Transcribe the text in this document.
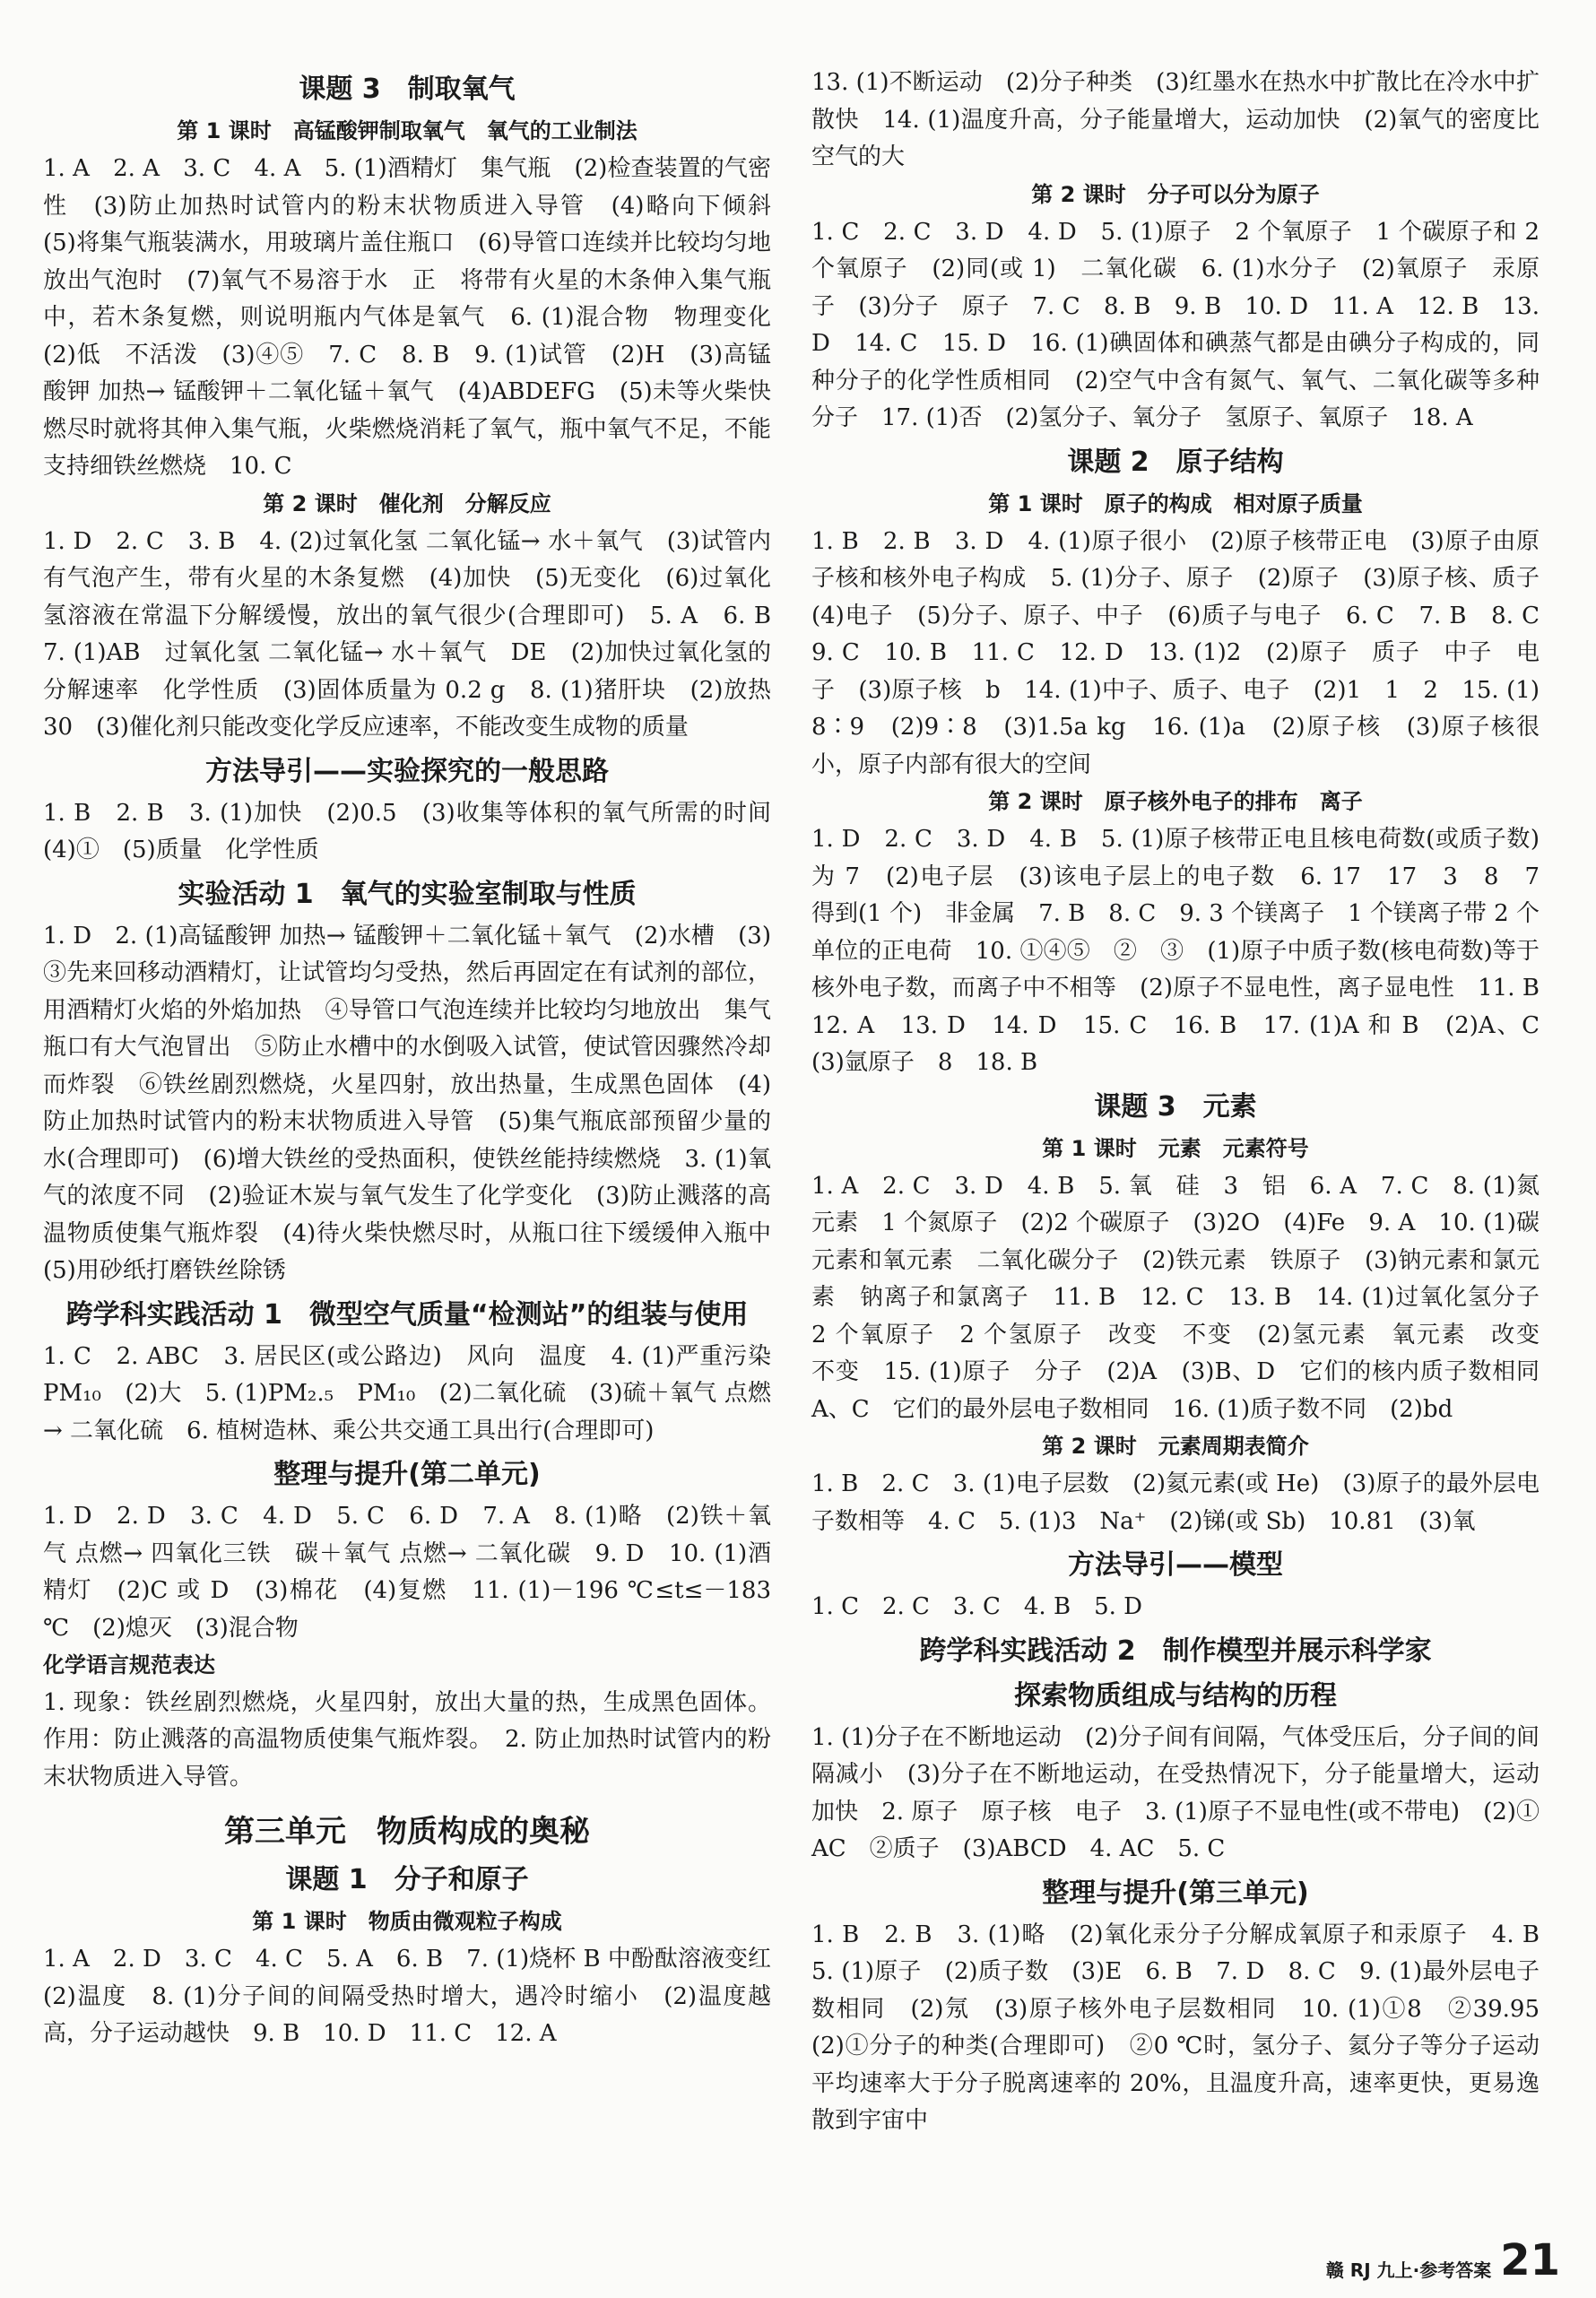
课题 3　制取氧气
第 1 课时　高锰酸钾制取氧气　氧气的工业制法
1. A　2. A　3. C　4. A　5. (1)酒精灯　集气瓶　(2)检查装置的气密性　(3)防止加热时试管内的粉末状物质进入导管　(4)略向下倾斜　(5)将集气瓶装满水，用玻璃片盖住瓶口　(6)导管口连续并比较均匀地放出气泡时　(7)氧气不易溶于水　正　将带有火星的木条伸入集气瓶中，若木条复燃，则说明瓶内气体是氧气　6. (1)混合物　物理变化　(2)低　不活泼　(3)④⑤　7. C　8. B　9. (1)试管　(2)H　(3)高锰酸钾 加热→ 锰酸钾＋二氧化锰＋氧气　(4)ABDEFG　(5)未等火柴快燃尽时就将其伸入集气瓶，火柴燃烧消耗了氧气，瓶中氧气不足，不能支持细铁丝燃烧　10. C
第 2 课时　催化剂　分解反应
1. D　2. C　3. B　4. (2)过氧化氢 二氧化锰→ 水＋氧气　(3)试管内有气泡产生，带有火星的木条复燃　(4)加快　(5)无变化　(6)过氧化氢溶液在常温下分解缓慢，放出的氧气很少(合理即可)　5. A　6. B　7. (1)AB　过氧化氢 二氧化锰→ 水＋氧气　DE　(2)加快过氧化氢的分解速率　化学性质　(3)固体质量为 0.2 g　8. (1)猪肝块　(2)放热　30　(3)催化剂只能改变化学反应速率，不能改变生成物的质量
方法导引——实验探究的一般思路
1. B　2. B　3. (1)加快　(2)0.5　(3)收集等体积的氧气所需的时间　(4)①　(5)质量　化学性质
实验活动 1　氧气的实验室制取与性质
1. D　2. (1)高锰酸钾 加热→ 锰酸钾＋二氧化锰＋氧气　(2)水槽　(3)③先来回移动酒精灯，让试管均匀受热，然后再固定在有试剂的部位，用酒精灯火焰的外焰加热　④导管口气泡连续并比较均匀地放出　集气瓶口有大气泡冒出　⑤防止水槽中的水倒吸入试管，使试管因骤然冷却而炸裂　⑥铁丝剧烈燃烧，火星四射，放出热量，生成黑色固体　(4)防止加热时试管内的粉末状物质进入导管　(5)集气瓶底部预留少量的水(合理即可)　(6)增大铁丝的受热面积，使铁丝能持续燃烧　3. (1)氧气的浓度不同　(2)验证木炭与氧气发生了化学变化　(3)防止溅落的高温物质使集气瓶炸裂　(4)待火柴快燃尽时，从瓶口往下缓缓伸入瓶中　(5)用砂纸打磨铁丝除锈
跨学科实践活动 1　微型空气质量“检测站”的组装与使用
1. C　2. ABC　3. 居民区(或公路边)　风向　温度　4. (1)严重污染　PM₁₀　(2)大　5. (1)PM₂.₅　PM₁₀　(2)二氧化硫　(3)硫＋氧气 点燃→ 二氧化硫　6. 植树造林、乘公共交通工具出行(合理即可)
整理与提升(第二单元)
1. D　2. D　3. C　4. D　5. C　6. D　7. A　8. (1)略　(2)铁＋氧气 点燃→ 四氧化三铁　碳＋氧气 点燃→ 二氧化碳　9. D　10. (1)酒精灯　(2)C 或 D　(3)棉花　(4)复燃　11. (1)－196 ℃≤t≤－183 ℃　(2)熄灭　(3)混合物
化学语言规范表达
1. 现象：铁丝剧烈燃烧，火星四射，放出大量的热，生成黑色固体。作用：防止溅落的高温物质使集气瓶炸裂。　2. 防止加热时试管内的粉末状物质进入导管。
第三单元　物质构成的奥秘
课题 1　分子和原子
第 1 课时　物质由微观粒子构成
1. A　2. D　3. C　4. C　5. A　6. B　7. (1)烧杯 B 中酚酞溶液变红　(2)温度　8. (1)分子间的间隔受热时增大，遇冷时缩小　(2)温度越高，分子运动越快　9. B　10. D　11. C　12. A
13. (1)不断运动　(2)分子种类　(3)红墨水在热水中扩散比在冷水中扩散快　14. (1)温度升高，分子能量增大，运动加快　(2)氧气的密度比空气的大
第 2 课时　分子可以分为原子
1. C　2. C　3. D　4. D　5. (1)原子　2 个氧原子　1 个碳原子和 2 个氧原子　(2)同(或 1)　二氧化碳　6. (1)水分子　(2)氧原子　汞原子　(3)分子　原子　7. C　8. B　9. B　10. D　11. A　12. B　13. D　14. C　15. D　16. (1)碘固体和碘蒸气都是由碘分子构成的，同种分子的化学性质相同　(2)空气中含有氮气、氧气、二氧化碳等多种分子　17. (1)否　(2)氢分子、氧分子　氢原子、氧原子　18. A
课题 2　原子结构
第 1 课时　原子的构成　相对原子质量
1. B　2. B　3. D　4. (1)原子很小　(2)原子核带正电　(3)原子由原子核和核外电子构成　5. (1)分子、原子　(2)原子　(3)原子核、质子　(4)电子　(5)分子、原子、中子　(6)质子与电子　6. C　7. B　8. C　9. C　10. B　11. C　12. D　13. (1)2　(2)原子　质子　中子　电子　(3)原子核　b　14. (1)中子、质子、电子　(2)1　1　2　15. (1)8∶9　(2)9∶8　(3)1.5a kg　16. (1)a　(2)原子核　(3)原子核很小，原子内部有很大的空间
第 2 课时　原子核外电子的排布　离子
1. D　2. C　3. D　4. B　5. (1)原子核带正电且核电荷数(或质子数)为 7　(2)电子层　(3)该电子层上的电子数　6. 17　17　3　8　7　得到(1 个)　非金属　7. B　8. C　9. 3 个镁离子　1 个镁离子带 2 个单位的正电荷　10. ①④⑤　②　③　(1)原子中质子数(核电荷数)等于核外电子数，而离子中不相等　(2)原子不显电性，离子显电性　11. B　12. A　13. D　14. D　15. C　16. B　17. (1)A 和 B　(2)A、C　(3)氩原子　8　18. B
课题 3　元素
第 1 课时　元素　元素符号
1. A　2. C　3. D　4. B　5. 氧　硅　3　铝　6. A　7. C　8. (1)氮元素　1 个氮原子　(2)2 个碳原子　(3)2O　(4)Fe　9. A　10. (1)碳元素和氧元素　二氧化碳分子　(2)铁元素　铁原子　(3)钠元素和氯元素　钠离子和氯离子　11. B　12. C　13. B　14. (1)过氧化氢分子　2 个氧原子　2 个氢原子　改变　不变　(2)氢元素　氧元素　改变　不变　15. (1)原子　分子　(2)A　(3)B、D　它们的核内质子数相同　A、C　它们的最外层电子数相同　16. (1)质子数不同　(2)bd
第 2 课时　元素周期表简介
1. B　2. C　3. (1)电子层数　(2)氦元素(或 He)　(3)原子的最外层电子数相等　4. C　5. (1)3　Na⁺　(2)锑(或 Sb)　10.81　(3)氧
方法导引——模型
1. C　2. C　3. C　4. B　5. D
跨学科实践活动 2　制作模型并展示科学家
探索物质组成与结构的历程
1. (1)分子在不断地运动　(2)分子间有间隔，气体受压后，分子间的间隔减小　(3)分子在不断地运动，在受热情况下，分子能量增大，运动加快　2. 原子　原子核　电子　3. (1)原子不显电性(或不带电)　(2)①AC　②质子　(3)ABCD　4. AC　5. C
整理与提升(第三单元)
1. B　2. B　3. (1)略　(2)氧化汞分子分解成氧原子和汞原子　4. B　5. (1)原子　(2)质子数　(3)E　6. B　7. D　8. C　9. (1)最外层电子数相同　(2)氖　(3)原子核外电子层数相同　10. (1)①8　②39.95　(2)①分子的种类(合理即可)　②0 ℃时，氢分子、氦分子等分子运动平均速率大于分子脱离速率的 20%，且温度升高，速率更快，更易逸散到宇宙中
赣 RJ 九上·参考答案 21
